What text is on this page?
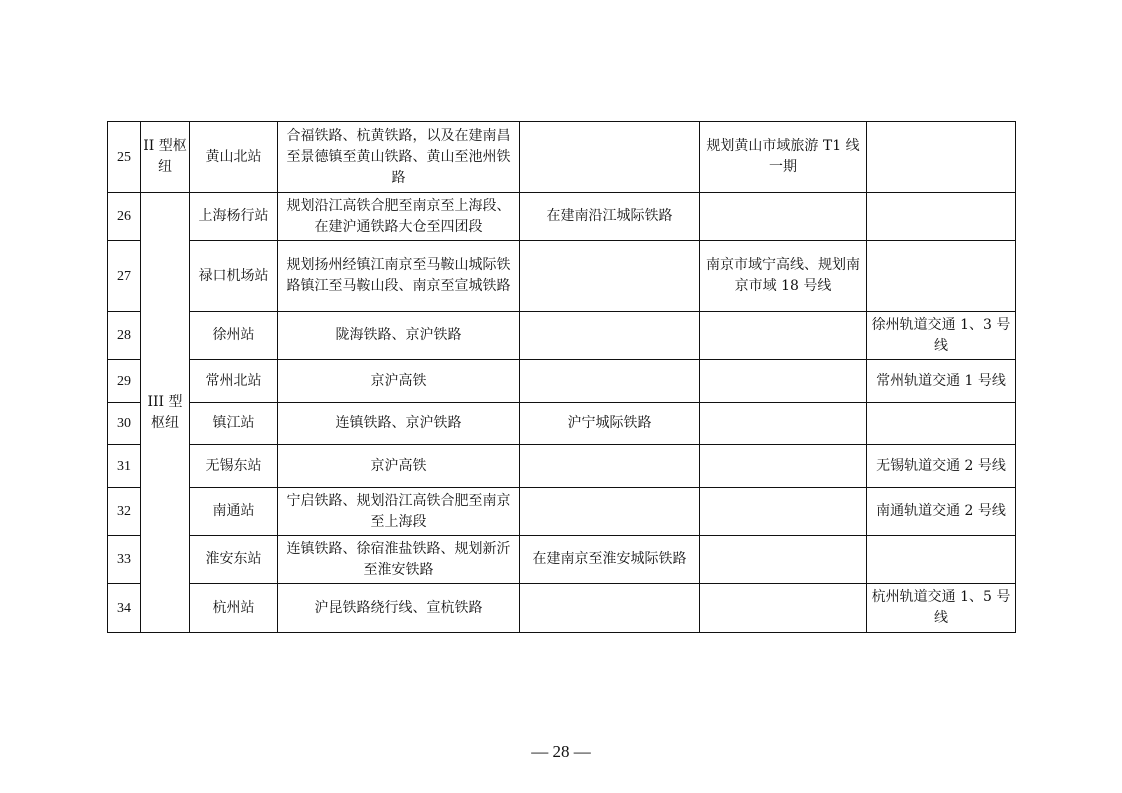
25	II 型枢纽	黄山北站	合福铁路、杭黄铁路，以及在建南昌至景德镇至黄山铁路、黄山至池州铁路		规划黄山市域旅游 T1 线一期	
26	III 型枢纽	上海杨行站	规划沿江高铁合肥至南京至上海段、在建沪通铁路大仓至四团段	在建南沿江城际铁路		
27		禄口机场站	规划扬州经镇江南京至马鞍山城际铁路镇江至马鞍山段、南京至宣城铁路		南京市域宁高线、规划南京市域 18 号线	
28		徐州站	陇海铁路、京沪铁路			徐州轨道交通 1、3 号线
29		常州北站	京沪高铁			常州轨道交通 1 号线
30		镇江站	连镇铁路、京沪铁路	沪宁城际铁路		
31		无锡东站	京沪高铁			无锡轨道交通 2 号线
32		南通站	宁启铁路、规划沿江高铁合肥至南京至上海段			南通轨道交通 2 号线
33		淮安东站	连镇铁路、徐宿淮盐铁路、规划新沂至淮安铁路	在建南京至淮安城际铁路		
34		杭州站	沪昆铁路绕行线、宣杭铁路			杭州轨道交通 1、5 号线
— 28 —
